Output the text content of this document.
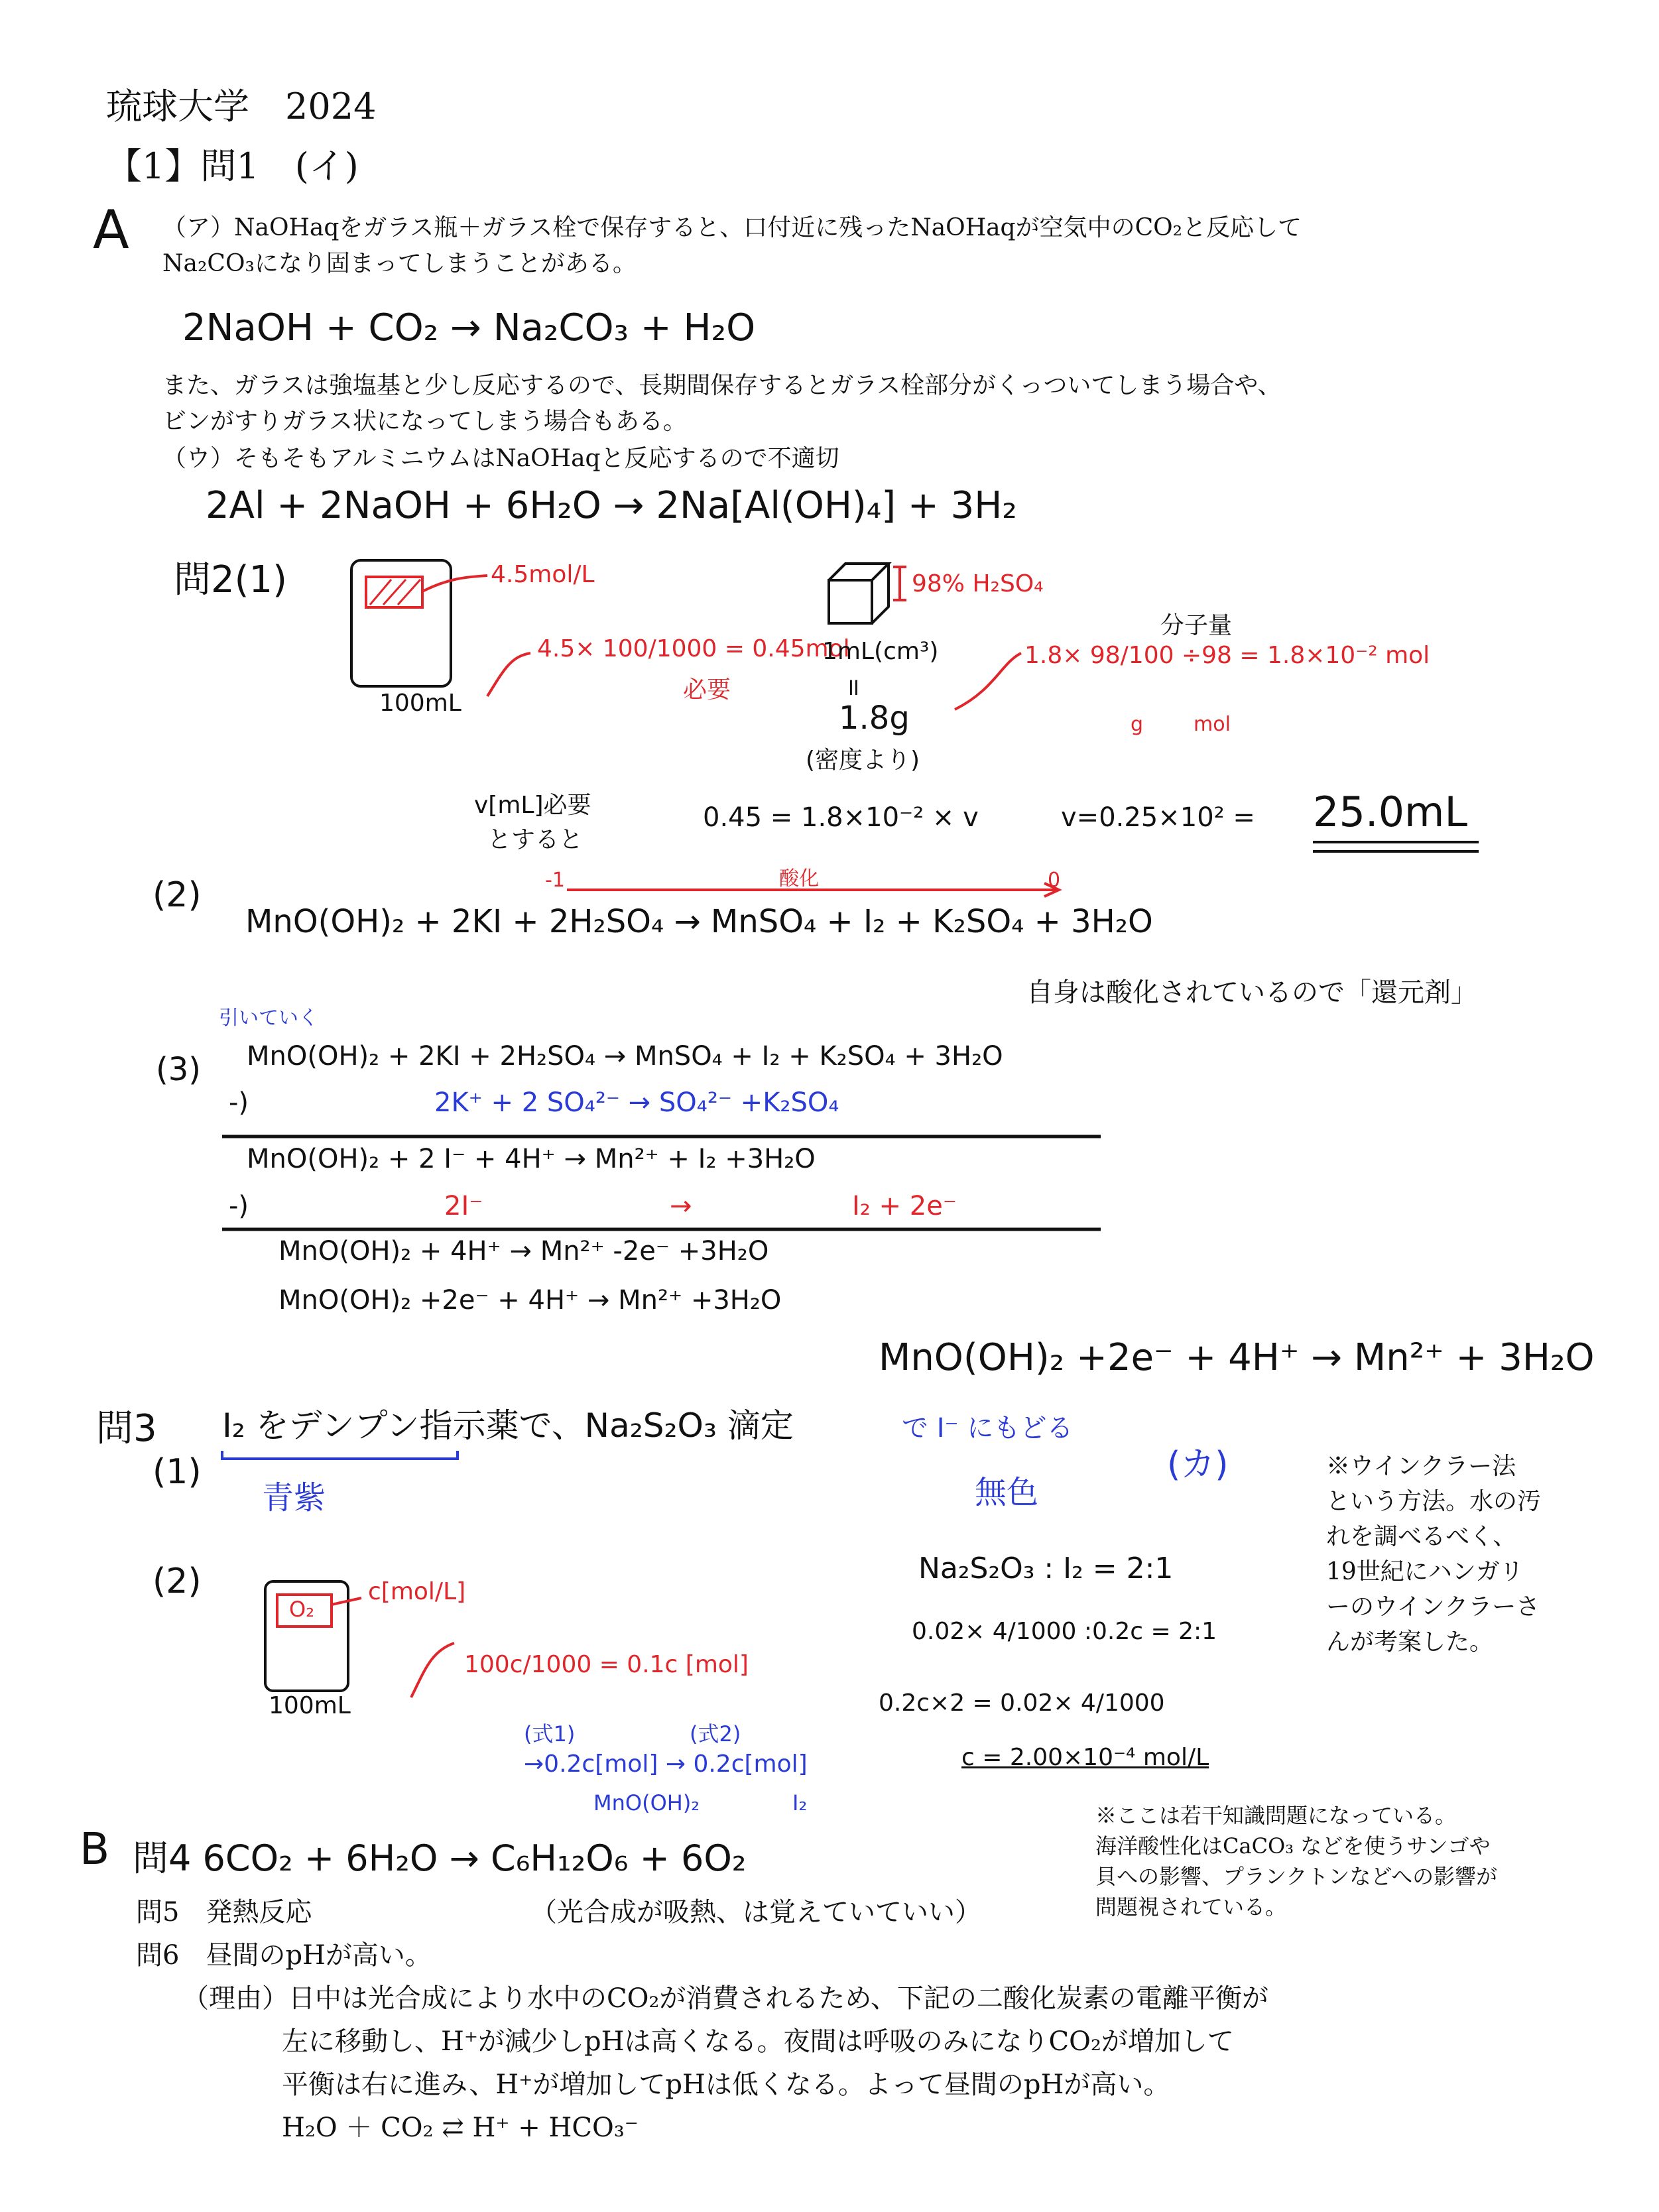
琉球大学　2024
【1】問1　(イ)
A （ア）NaOHaqをガラス瓶＋ガラス栓で保存すると、口付近に残ったNaOHaqが空気中のCO₂と反応して
Na₂CO₃になり固まってしまうことがある。
2NaOH + CO₂ → Na₂CO₃ + H₂O
また、ガラスは強塩基と少し反応するので、長期間保存するとガラス栓部分がくっついてしまう場合や、
ビンがすりガラス状になってしまう場合もある。
（ウ）そもそもアルミニウムはNaOHaqと反応するので不適切
2Al + 2NaOH + 6H₂O → 2Na[Al(OH)₄] + 3H₂
問2(1)	4.5mol/L
100mL
4.5× 100/1000 = 0.45mol
必要
98% H₂SO₄
1mL(cm³)
॥
1.8g
(密度より)
分子量
1.8× 98/100 ÷98 = 1.8×10⁻² mol
g	mol
v[mL]必要
とすると
0.45 = 1.8×10⁻² × v	v=0.25×10² = 25.0mL
(2)	-1	酸化	0
MnO(OH)₂ + 2KI + 2H₂SO₄ → MnSO₄ + I₂ + K₂SO₄ + 3H₂O
自身は酸化されているので「還元剤」
引いていく
(3) MnO(OH)₂ + 2KI + 2H₂SO₄ → MnSO₄ + I₂ + K₂SO₄ + 3H₂O
-)	2K⁺ + 2 SO₄²⁻ → SO₄²⁻ +K₂SO₄
MnO(OH)₂ + 2 I⁻ + 4H⁺ → Mn²⁺ + I₂ +3H₂O
-)	2I⁻	→	I₂ + 2e⁻
MnO(OH)₂ + 4H⁺ → Mn²⁺ -2e⁻ +3H₂O
MnO(OH)₂ +2e⁻ + 4H⁺ → Mn²⁺ +3H₂O
MnO(OH)₂ +2e⁻ + 4H⁺ → Mn²⁺ + 3H₂O
問3 I₂ をデンプン指示薬で、Na₂S₂O₃ 滴定	で I⁻ にもどる
無色
(カ)
(1)
青紫
※ウインクラー法
という方法。水の汚
れを調べるべく、
19世紀にハンガリ
ーのウインクラーさ
んが考案した。
(2)
O₂
c[mol/L]
100mL
100c/1000 = 0.1c [mol]
(式1)	(式2)
→0.2c[mol] → 0.2c[mol]
MnO(OH)₂	I₂
Na₂S₂O₃ : I₂ = 2:1
0.02× 4/1000 :0.2c = 2:1
0.2c×2 = 0.02× 4/1000
c = 2.00×10⁻⁴ mol/L
B 問4 6CO₂ + 6H₂O → C₆H₁₂O₆ + 6O₂
※ここは若干知識問題になっている。
海洋酸性化はCaCO₃ などを使うサンゴや
貝への影響、プランクトンなどへの影響が
問題視されている。
問5　発熱反応	（光合成が吸熱、は覚えていていい）
問6　昼間のpHが高い。
（理由）日中は光合成により水中のCO₂が消費されるため、下記の二酸化炭素の電離平衡が
左に移動し、H⁺が減少しpHは高くなる。夜間は呼吸のみになりCO₂が増加して
平衡は右に進み、H⁺が増加してpHは低くなる。よって昼間のpHが高い。
H₂O ＋ CO₂ ⇄ H⁺ + HCO₃⁻
